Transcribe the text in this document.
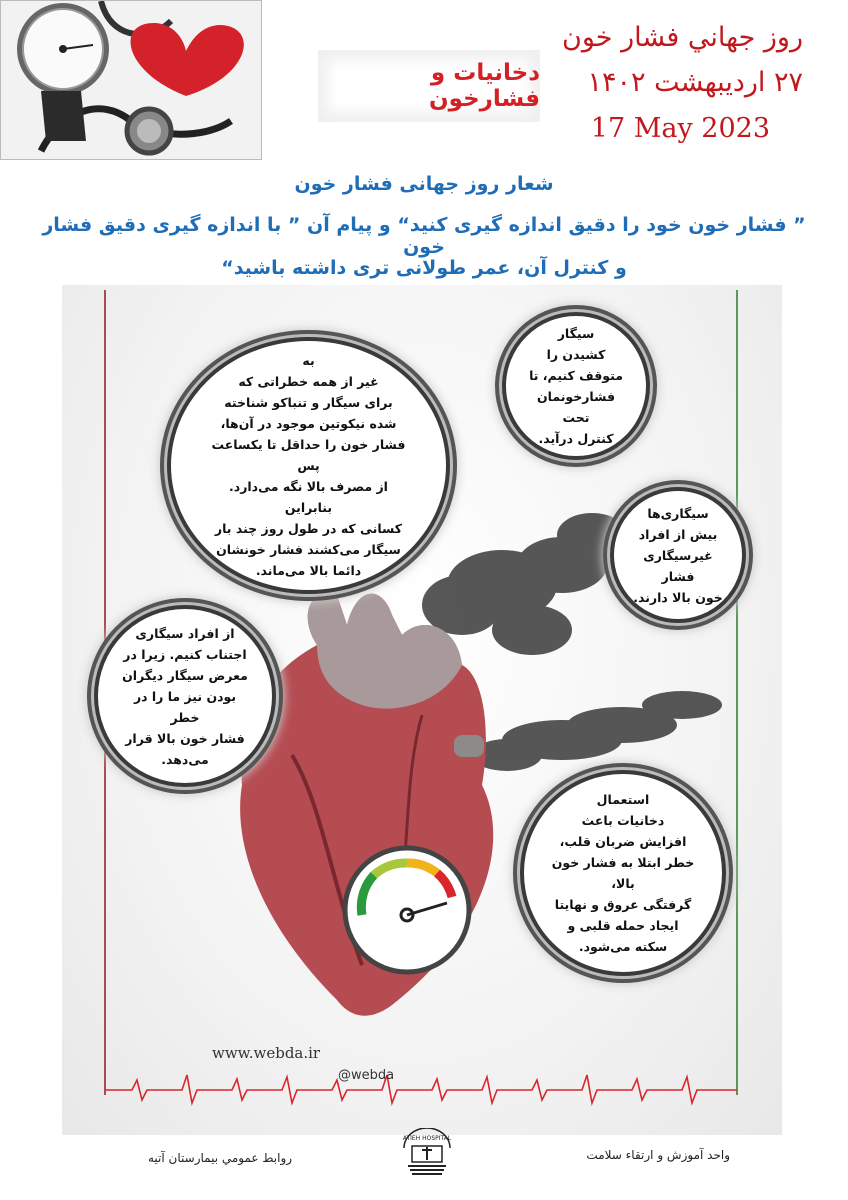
دخانیات و فشارخون
روز جهاني فشار خون
۲۷ اردیبهشت ۱۴۰۲
17 May 2023
شعار روز جهانی فشار خون
” فشار خون خود را دقیق اندازه گیری کنید“ و پیام آن ” با اندازه گیری دقیق فشار خون
و کنترل آن، عمر طولانی تری داشته باشید“
به
غیر از همه خطراتی که
برای سیگار و تنباکو شناخته
شده نیکوتین موجود در آن‌ها،
فشار خون را حداقل تا یکساعت پس
از مصرف بالا نگه می‌دارد. بنابراین
کسانی که در طول روز چند بار
سیگار می‌کشند فشار خونشان
دائما بالا می‌ماند.
سیگار
کشیدن را
متوقف کنیم، تا
فشارخونمان تحت
کنترل در‌آید.
سیگاری‌ها
بیش از افراد
غیرسیگاری فشار
خون بالا دارند.
از افراد سیگاری
اجتناب کنیم. زیرا در
معرض سیگار دیگران
بودن نیز ما را در خطر
فشار خون بالا قرار
می‌دهد.
استعمال
دخانیات باعث
افزایش ضربان قلب،
خطر ابتلا به فشار خون بالا،
گرفتگی عروق و نهایتا
ایجاد حمله قلبی و
سکته می‌شود.
www.webda.ir
@webda
روابط عمومي بيمارستان آتيه
ATIEH HOSPITAL
واحد آموزش و ارتقاء سلامت
